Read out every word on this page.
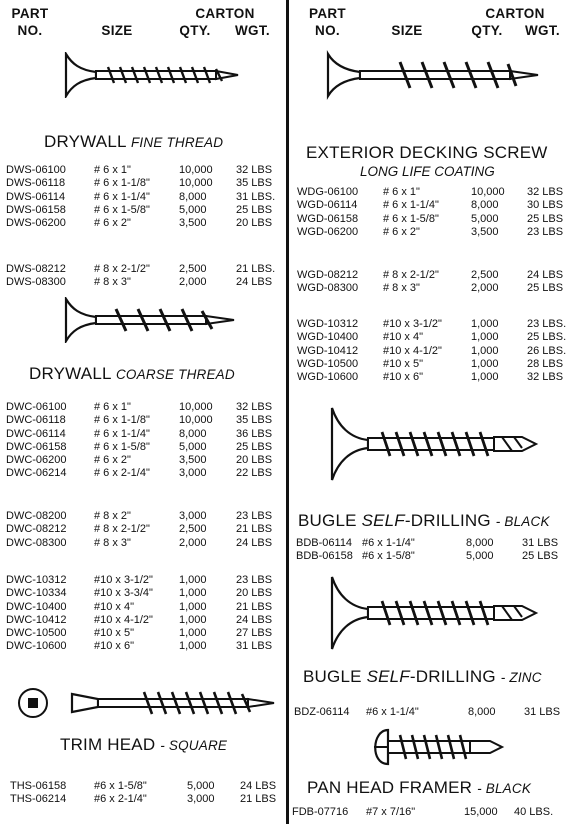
PART
NO.	SIZE
CARTON
QTY.	WGT.
PART
NO.	SIZE
CARTON
QTY.	WGT.
DRYWALL FINE THREAD
DRYWALL COARSE THREAD
TRIM HEAD - SQUARE
EXTERIOR DECKING SCREW
LONG LIFE COATING
BUGLE SELF-DRILLING - BLACK
BUGLE SELF-DRILLING - ZINC
PAN HEAD FRAMER - BLACK
DWS-06100	# 6 x 1"	10,000 32 LBS
DWS-06118	# 6 x 1-1/8"	10,000 35 LBS
DWS-06114	# 6 x 1-1/4"	8,000	31 LBS.
DWS-06158	# 6 x 1-5/8"	5,000	25 LBS
DWS-06200	# 6 x 2"	3,500	20 LBS
DWS-08212	# 8 x 2-1/2"	2,500	21 LBS.
DWS-08300	# 8 x 3"	2,000	24 LBS
DWC-06100 # 6 x 1"	10,000 32 LBS
DWC-06118	# 6 x 1-1/8"	10,000 35 LBS
DWC-06114	# 6 x 1-1/4"	8,000	36 LBS
DWC-06158 # 6 x 1-5/8"	5,000	25 LBS
DWC-06200 # 6 x 2"	3,500	20 LBS
DWC-06214 # 6 x 2-1/4"	3,000	22 LBS
DWC-08200 # 8 x 2"	3,000	23 LBS
DWC-08212 # 8 x 2-1/2"	2,500	21 LBS
DWC-08300 # 8 x 3"	2,000	24 LBS
DWC-10312 #10 x 3-1/2" 1,000	23 LBS
DWC-10334 #10 x 3-3/4" 1,000	20 LBS
DWC-10400 #10 x 4"	1,000	21 LBS
DWC-10412 #10 x 4-1/2" 1,000	24 LBS
DWC-10500 #10 x 5"	1,000	27 LBS
DWC-10600 #10 x 6"	1,000	31 LBS
THS-06158	#6 x 1-5/8"	5,000 24 LBS
THS-06214	#6 x 2-1/4"	3,000 21 LBS
WDG-06100 # 6 x 1"	10,000 32 LBS
WGD-06114 # 6 x 1-1/4"	8,000	30 LBS
WGD-06158 # 6 x 1-5/8"	5,000	25 LBS
WGD-06200 # 6 x 2"	3,500	23 LBS
WGD-08212 # 8 x 2-1/2"	2,500	24 LBS
WGD-08300 # 8 x 3"	2,000	25 LBS
WGD-10312 #10 x 3-1/2"	1,000	23 LBS.
WGD-10400 #10 x 4"	1,000	25 LBS.
WGD-10412 #10 x 4-1/2"	1,000	26 LBS.
WGD-10500 #10 x 5"	1,000	28 LBS
WGD-10600 #10 x 6"	1,000	32 LBS
BDB-06114 #6 x 1-1/4"	8,000	31 LBS
BDB-06158 #6 x 1-5/8"	5,000	25 LBS
BDZ-06114 #6 x 1-1/4"	8,000	31 LBS
FDB-07716 #7 x 7/16"	15,000 40 LBS.
